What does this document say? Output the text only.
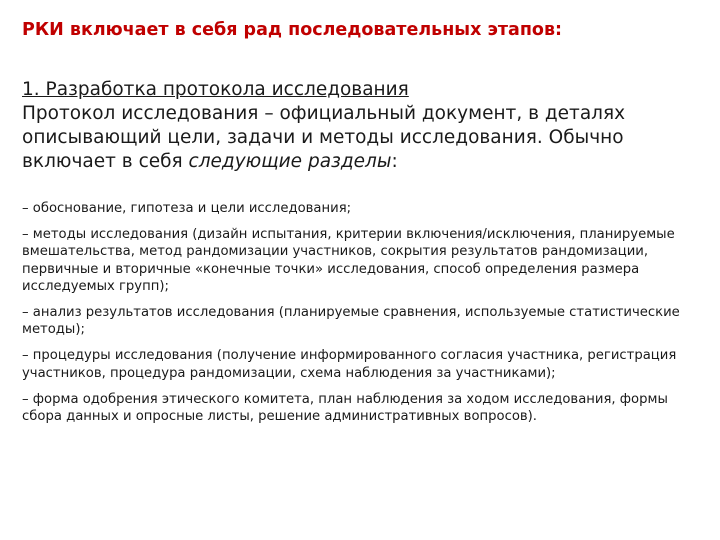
РКИ включает в себя рад последовательных этапов:

1. Разработка протокола исследования

Протокол исследования – официальный документ, в деталях описывающий цели, задачи и методы исследования. Обычно включает в себя следующие разделы:

– обоснование, гипотеза и цели исследования;
– методы исследования (дизайн испытания, критерии включения/исключения, планируемые вмешательства, метод рандомизации участников, сокрытия результатов рандомизации, первичные и вторичные «конечные точки» исследования, способ определения размера исследуемых групп);
– анализ результатов исследования (планируемые сравнения, используемые статистические методы);
– процедуры исследования (получение информированного согласия участника, регистрация участников, процедура рандомизации, схема наблюдения за участниками);
– форма одобрения этического комитета, план наблюдения за ходом исследования, формы сбора данных и опросные листы, решение административных вопросов).
